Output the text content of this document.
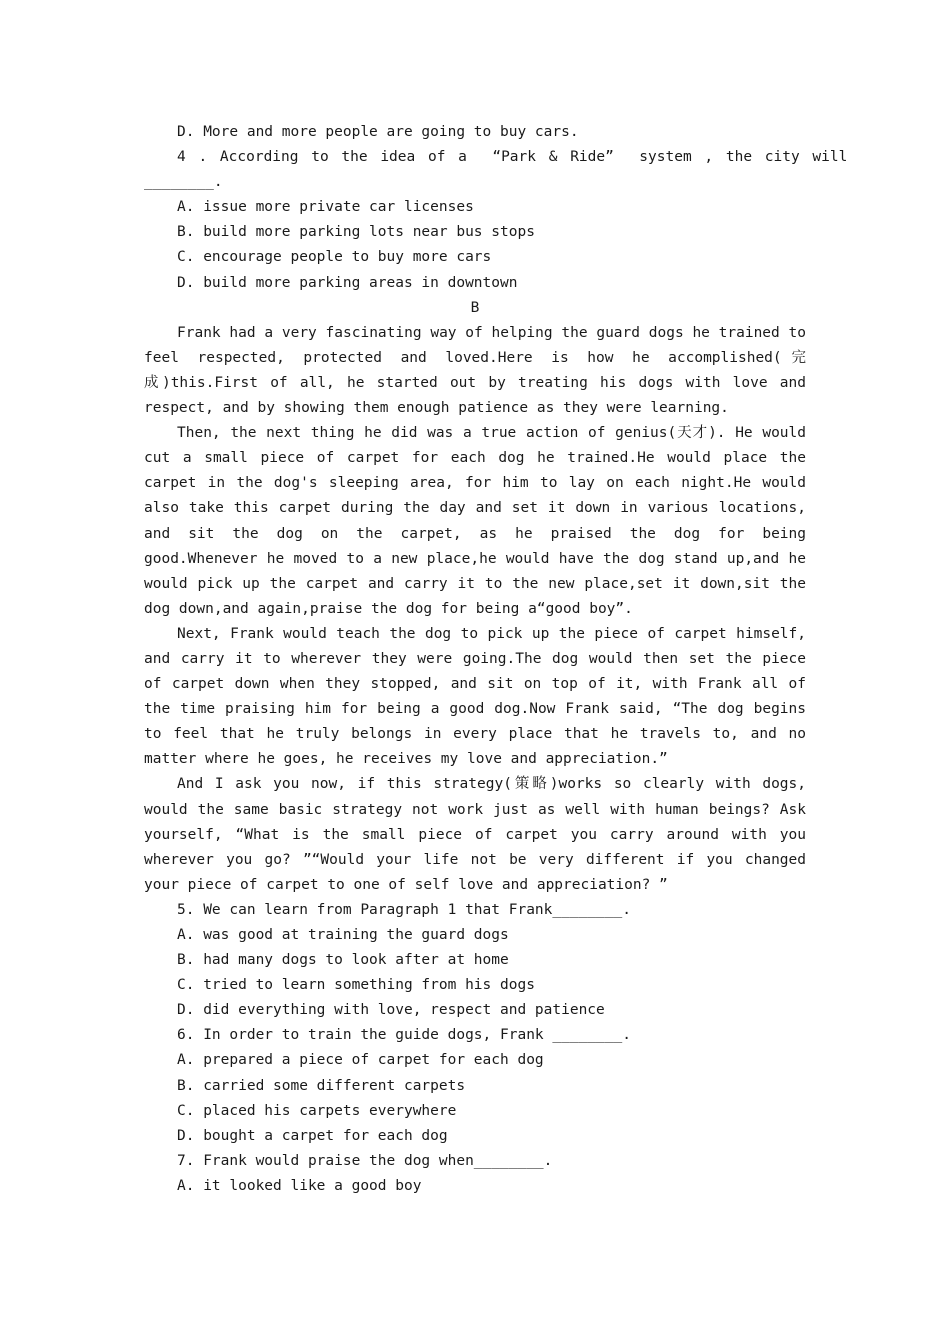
D. More and more people are going to buy cars.

4 . According to the idea of a  “Park & Ride”  system , the city will

________.

A. issue more private car licenses

B. build more parking lots near bus stops

C. encourage people to buy more cars

D. build more parking areas in downtown

B

Frank had a very fascinating way of helping the guard dogs he trained to feel respected, protected and loved.Here is how he accomplished(完成)this.First of all, he started out by treating his dogs with love and respect, and by showing them enough patience as they were learning.

Then, the next thing he did was a true action of genius(天才). He would cut a small piece of carpet for each dog he trained.He would place the carpet in the dog's sleeping area, for him to lay on each night.He would also take this carpet during the day and set it down in various locations, and sit the dog on the carpet, as he praised the dog for being good.Whenever he moved to a new place,he would have the dog stand up,and he would pick up the carpet and carry it to the new place,set it down,sit the dog down,and again,praise the dog for being a“good boy”.

Next, Frank would teach the dog to pick up the piece of carpet himself, and carry it to wherever they were going.The dog would then set the piece of carpet down when they stopped, and sit on top of it, with Frank all of the time praising him for being a good dog.Now Frank said, “The dog begins to feel that he truly belongs in every place that he travels to, and no matter where he goes, he receives my love and appreciation.”

And I ask you now, if this strategy(策略)works so clearly with dogs, would the same basic strategy not work just as well with human beings? Ask yourself, “What is the small piece of carpet you carry around with you wherever you go? ”“Would your life not be very different if you changed your piece of carpet to one of self love and appreciation? ”

5. We can learn from Paragraph 1 that Frank________.

A. was good at training the guard dogs

B. had many dogs to look after at home

C. tried to learn something from his dogs

D. did everything with love, respect and patience

6. In order to train the guide dogs, Frank ________.

A. prepared a piece of carpet for each dog

B. carried some different carpets

C. placed his carpets everywhere

D. bought a carpet for each dog

7. Frank would praise the dog when________.

A. it looked like a good boy
